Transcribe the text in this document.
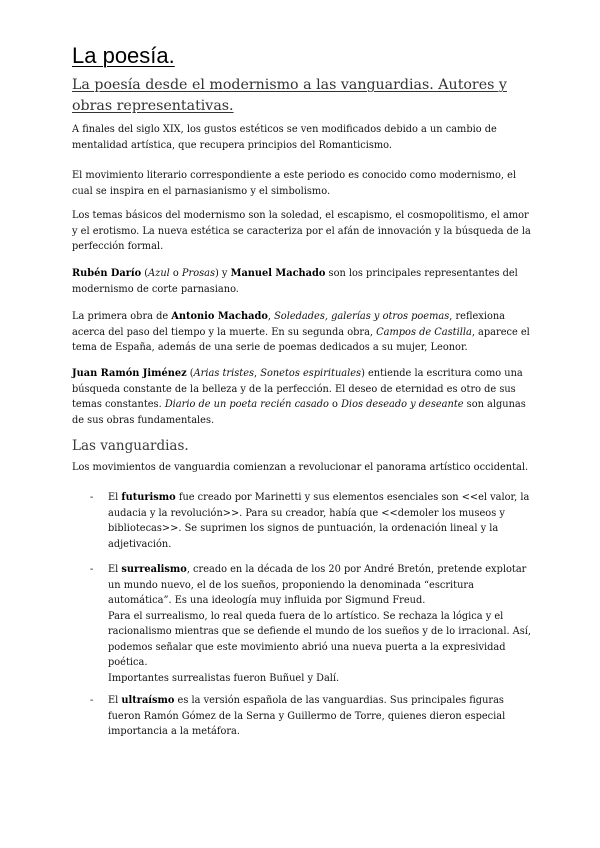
La poesía.
La poesía desde el modernismo a las vanguardias. Autores y obras representativas.

A finales del siglo XIX, los gustos estéticos se ven modificados debido a un cambio de mentalidad artística, que recupera principios del Romanticismo.

El movimiento literario correspondiente a este periodo es conocido como modernismo, el cual se inspira en el parnasianismo y el simbolismo.

Los temas básicos del modernismo son la soledad, el escapismo, el cosmopolitismo, el amor y el erotismo. La nueva estética se caracteriza por el afán de innovación y la búsqueda de la perfección formal.

Rubén Darío (Azul o Prosas) y Manuel Machado son los principales representantes del modernismo de corte parnasiano.

La primera obra de Antonio Machado, Soledades, galerías y otros poemas, reflexiona acerca del paso del tiempo y la muerte. En su segunda obra, Campos de Castilla, aparece el tema de España, además de una serie de poemas dedicados a su mujer, Leonor.

Juan Ramón Jiménez (Arias tristes, Sonetos espirituales) entiende la escritura como una búsqueda constante de la belleza y de la perfección. El deseo de eternidad es otro de sus temas constantes. Diario de un poeta recién casado o Dios deseado y deseante son algunas de sus obras fundamentales.

Las vanguardias.

Los movimientos de vanguardia comienzan a revolucionar el panorama artístico occidental.

- El futurismo fue creado por Marinetti y sus elementos esenciales son <<el valor, la audacia y la revolución>>. Para su creador, había que <<demoler los museos y bibliotecas>>. Se suprimen los signos de puntuación, la ordenación lineal y la adjetivación.

- El surrealismo, creado en la década de los 20 por André Bretón, pretende explotar un mundo nuevo, el de los sueños, proponiendo la denominada “escritura automática”. Es una ideología muy influida por Sigmund Freud.
Para el surrealismo, lo real queda fuera de lo artístico. Se rechaza la lógica y el racionalismo mientras que se defiende el mundo de los sueños y de lo irracional. Así, podemos señalar que este movimiento abrió una nueva puerta a la expresividad poética.
Importantes surrealistas fueron Buñuel y Dalí.
- El ultraísmo es la versión española de las vanguardias. Sus principales figuras fueron Ramón Gómez de la Serna y Guillermo de Torre, quienes dieron especial importancia a la metáfora.
